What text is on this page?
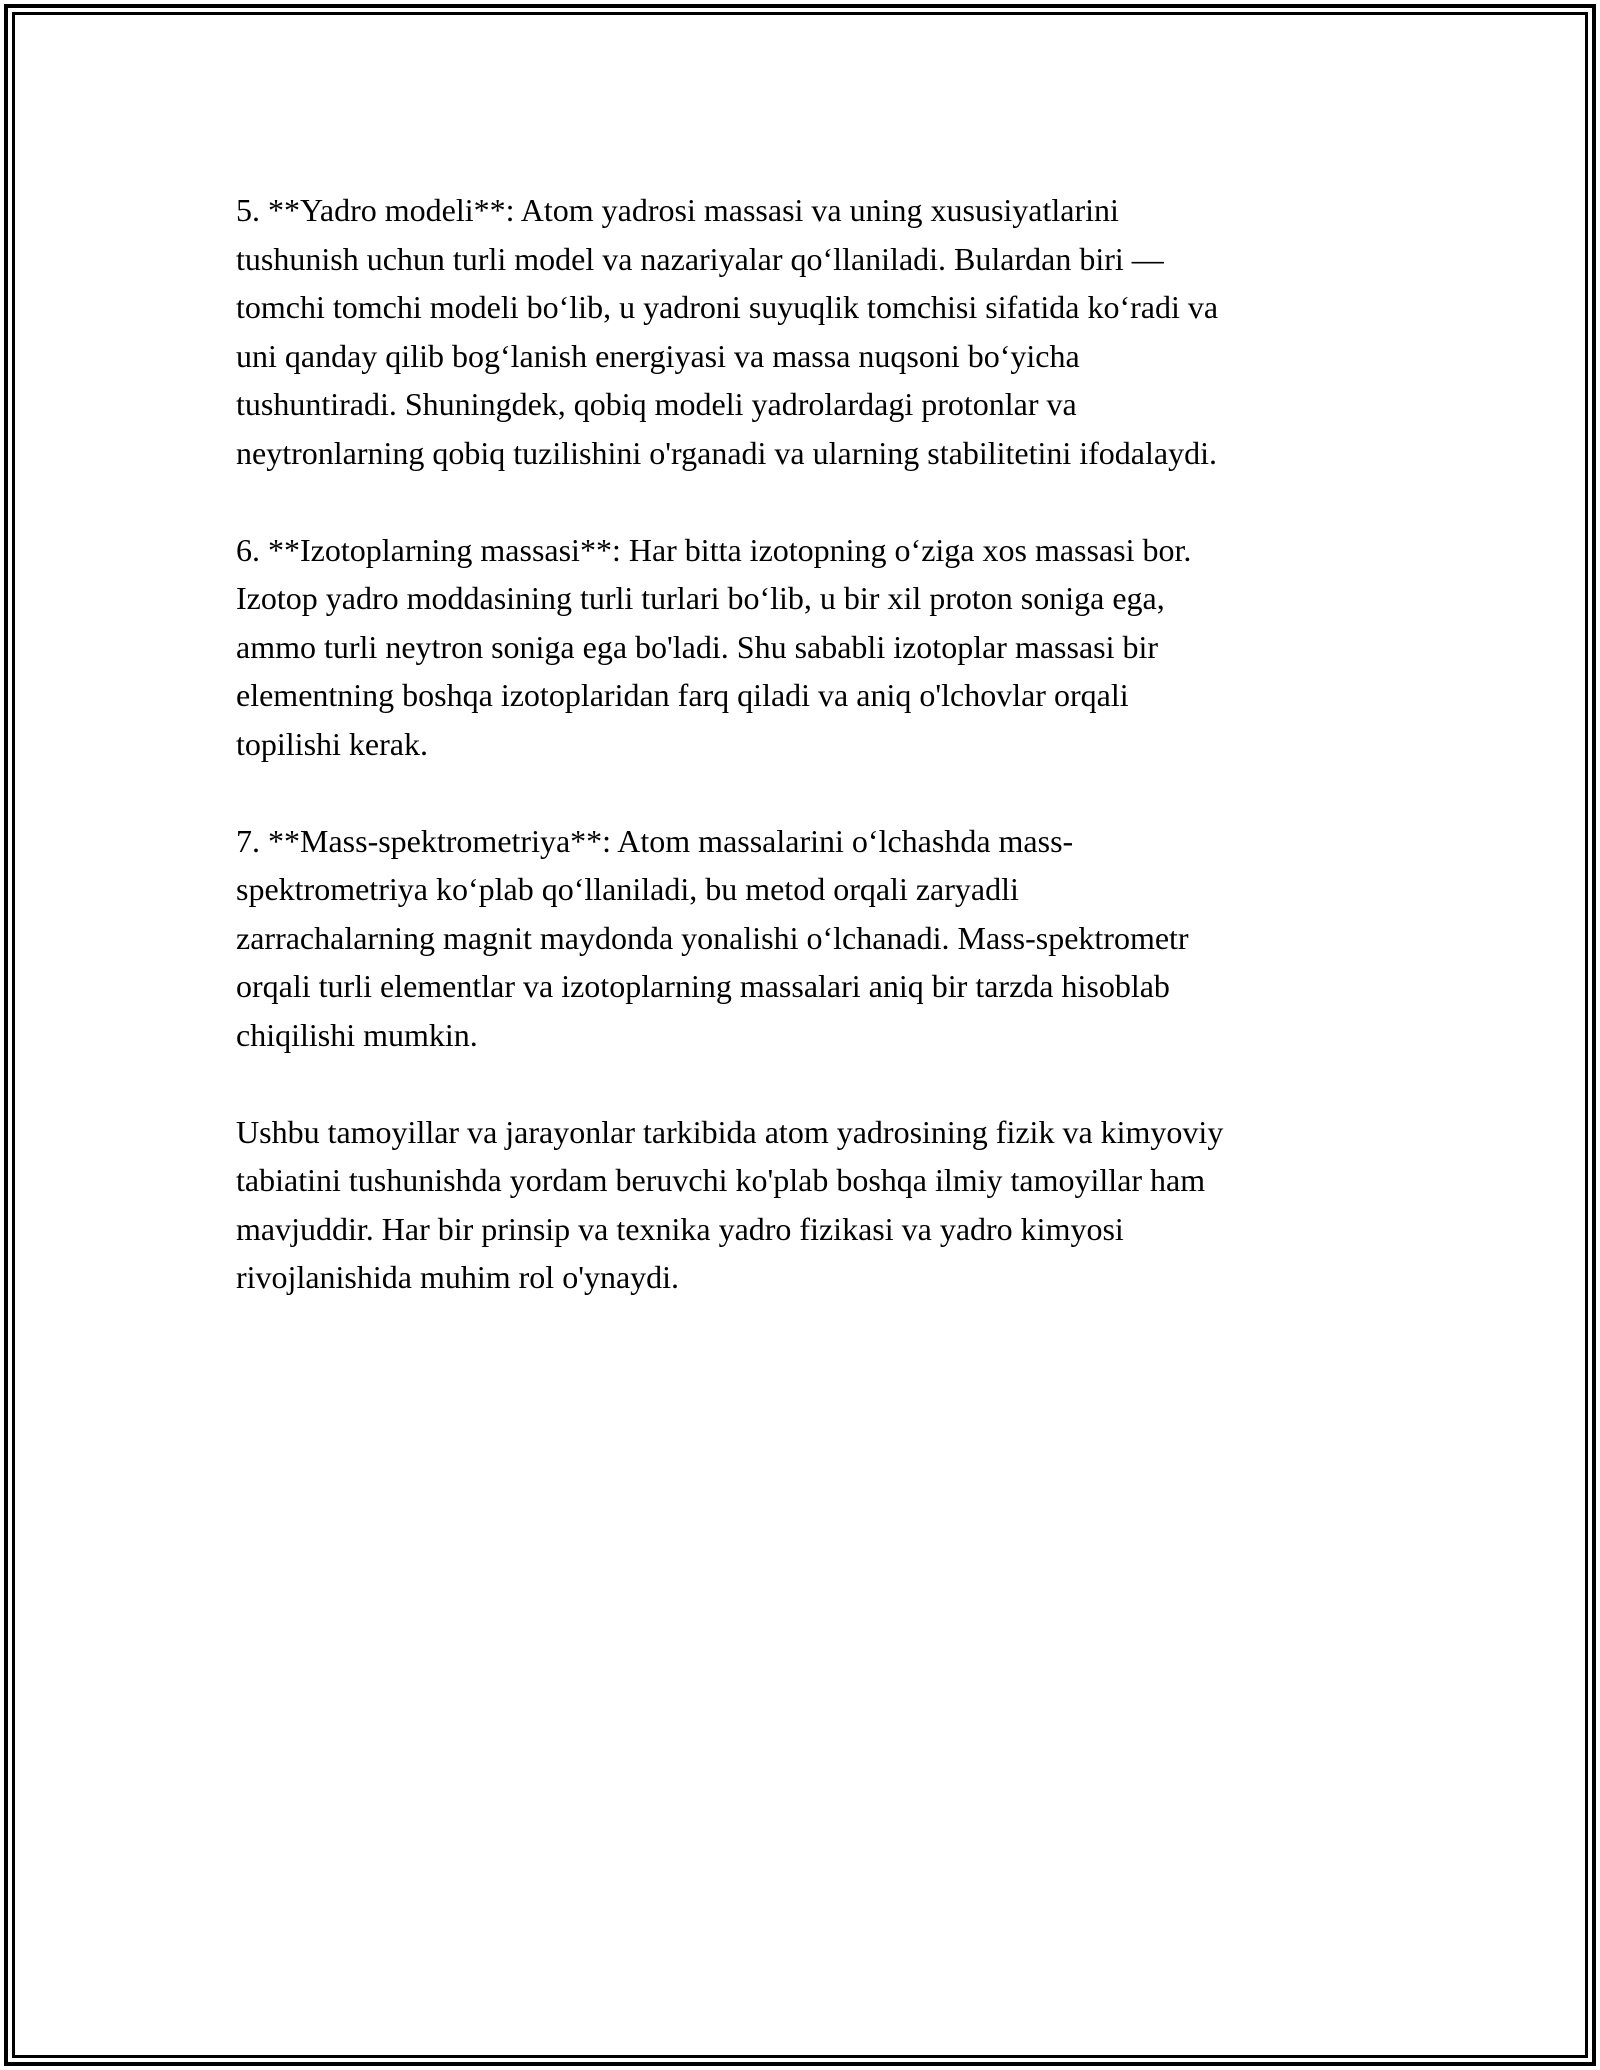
5. **Yadro modeli**: Atom yadrosi massasi va uning xususiyatlarini
tushunish uchun turli model va nazariyalar qo‘llaniladi. Bulardan biri —
tomchi tomchi modeli bo‘lib, u yadroni suyuqlik tomchisi sifatida ko‘radi va
uni qanday qilib bog‘lanish energiyasi va massa nuqsoni bo‘yicha
tushuntiradi. Shuningdek, qobiq modeli yadrolardagi protonlar va
neytronlarning qobiq tuzilishini o'rganadi va ularning stabilitetini ifodalaydi.

6. **Izotoplarning massasi**: Har bitta izotopning o‘ziga xos massasi bor.
Izotop yadro moddasining turli turlari bo‘lib, u bir xil proton soniga ega,
ammo turli neytron soniga ega bo'ladi. Shu sababli izotoplar massasi bir
elementning boshqa izotoplaridan farq qiladi va aniq o'lchovlar orqali
topilishi kerak.

7. **Mass-spektrometriya**: Atom massalarini o‘lchashda mass-
spektrometriya ko‘plab qo‘llaniladi, bu metod orqali zaryadli
zarrachalarning magnit maydonda yonalishi o‘lchanadi. Mass-spektrometr
orqali turli elementlar va izotoplarning massalari aniq bir tarzda hisoblab
chiqilishi mumkin.

Ushbu tamoyillar va jarayonlar tarkibida atom yadrosining fizik va kimyoviy
tabiatini tushunishda yordam beruvchi ko'plab boshqa ilmiy tamoyillar ham
mavjuddir. Har bir prinsip va texnika yadro fizikasi va yadro kimyosi
rivojlanishida muhim rol o'ynaydi.
